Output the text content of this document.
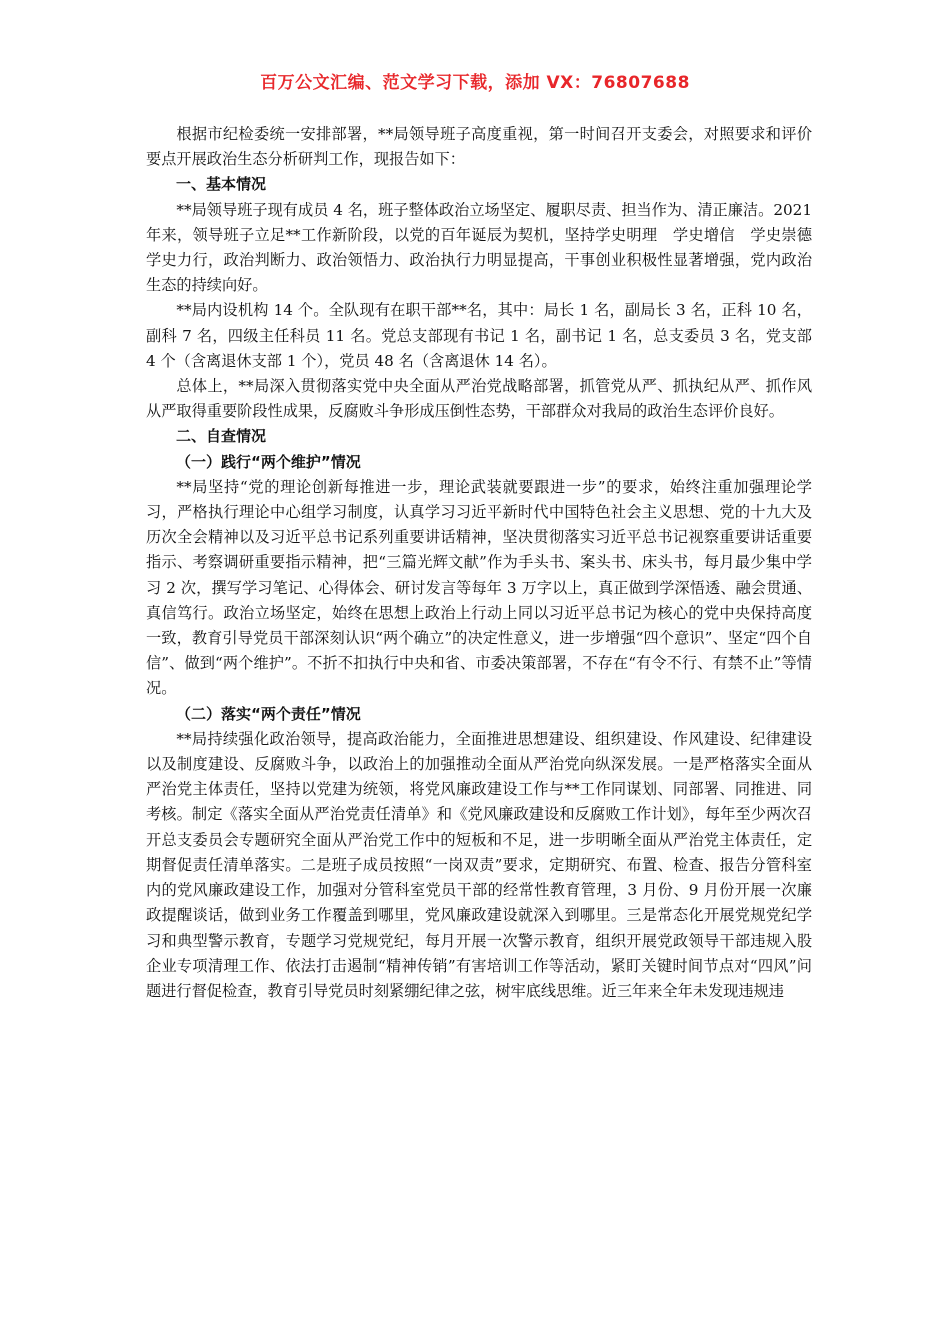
百万公文汇编、范文学习下载，添加 VX：76807688

根据市纪检委统一安排部署，**局领导班子高度重视，第一时间召开支委会，对照要求和评价要点开展政治生态分析研判工作，现报告如下：

一、基本情况

**局领导班子现有成员 4 名，班子整体政治立场坚定、履职尽责、担当作为、清正廉洁。2021 年来，领导班子立足**工作新阶段，以党的百年诞辰为契机，坚持学史明理　学史增信　学史崇德　学史力行，政治判断力、政治领悟力、政治执行力明显提高，干事创业积极性显著增强，党内政治生态的持续向好。

**局内设机构 14 个。全队现有在职干部**名，其中：局长 1 名，副局长 3 名，正科 10 名，副科 7 名，四级主任科员 11 名。党总支部现有书记 1 名，副书记 1 名，总支委员 3 名，党支部 4 个（含离退休支部 1 个），党员 48 名（含离退休 14 名）。

总体上，**局深入贯彻落实党中央全面从严治党战略部署，抓管党从严、抓执纪从严、抓作风从严取得重要阶段性成果，反腐败斗争形成压倒性态势，干部群众对我局的政治生态评价良好。

二、自查情况

（一）践行“两个维护”情况

**局坚持“党的理论创新每推进一步，理论武装就要跟进一步”的要求，始终注重加强理论学习，严格执行理论中心组学习制度，认真学习习近平新时代中国特色社会主义思想、党的十九大及历次全会精神以及习近平总书记系列重要讲话精神，坚决贯彻落实习近平总书记视察重要讲话重要指示、考察调研重要指示精神，把“三篇光辉文献”作为手头书、案头书、床头书，每月最少集中学习 2 次，撰写学习笔记、心得体会、研讨发言等每年 3 万字以上，真正做到学深悟透、融会贯通、真信笃行。政治立场坚定，始终在思想上政治上行动上同以习近平总书记为核心的党中央保持高度一致，教育引导党员干部深刻认识“两个确立”的决定性意义，进一步增强“四个意识”、坚定“四个自信”、做到“两个维护”。不折不扣执行中央和省、市委决策部署，不存在“有令不行、有禁不止”等情况。

（二）落实“两个责任”情况

**局持续强化政治领导，提高政治能力，全面推进思想建设、组织建设、作风建设、纪律建设以及制度建设、反腐败斗争，以政治上的加强推动全面从严治党向纵深发展。一是严格落实全面从严治党主体责任，坚持以党建为统领，将党风廉政建设工作与**工作同谋划、同部署、同推进、同考核。制定《落实全面从严治党责任清单》和《党风廉政建设和反腐败工作计划》，每年至少两次召开总支委员会专题研究全面从严治党工作中的短板和不足，进一步明晰全面从严治党主体责任，定期督促责任清单落实。二是班子成员按照“一岗双责”要求，定期研究、布置、检查、报告分管科室内的党风廉政建设工作，加强对分管科室党员干部的经常性教育管理，3 月份、9 月份开展一次廉政提醒谈话，做到业务工作覆盖到哪里，党风廉政建设就深入到哪里。三是常态化开展党规党纪学习和典型警示教育，专题学习党规党纪，每月开展一次警示教育，组织开展党政领导干部违规入股企业专项清理工作、依法打击遏制“精神传销”有害培训工作等活动，紧盯关键时间节点对“四风”问题进行督促检查，教育引导党员时刻紧绷纪律之弦，树牢底线思维。近三年来全年未发现违规违
